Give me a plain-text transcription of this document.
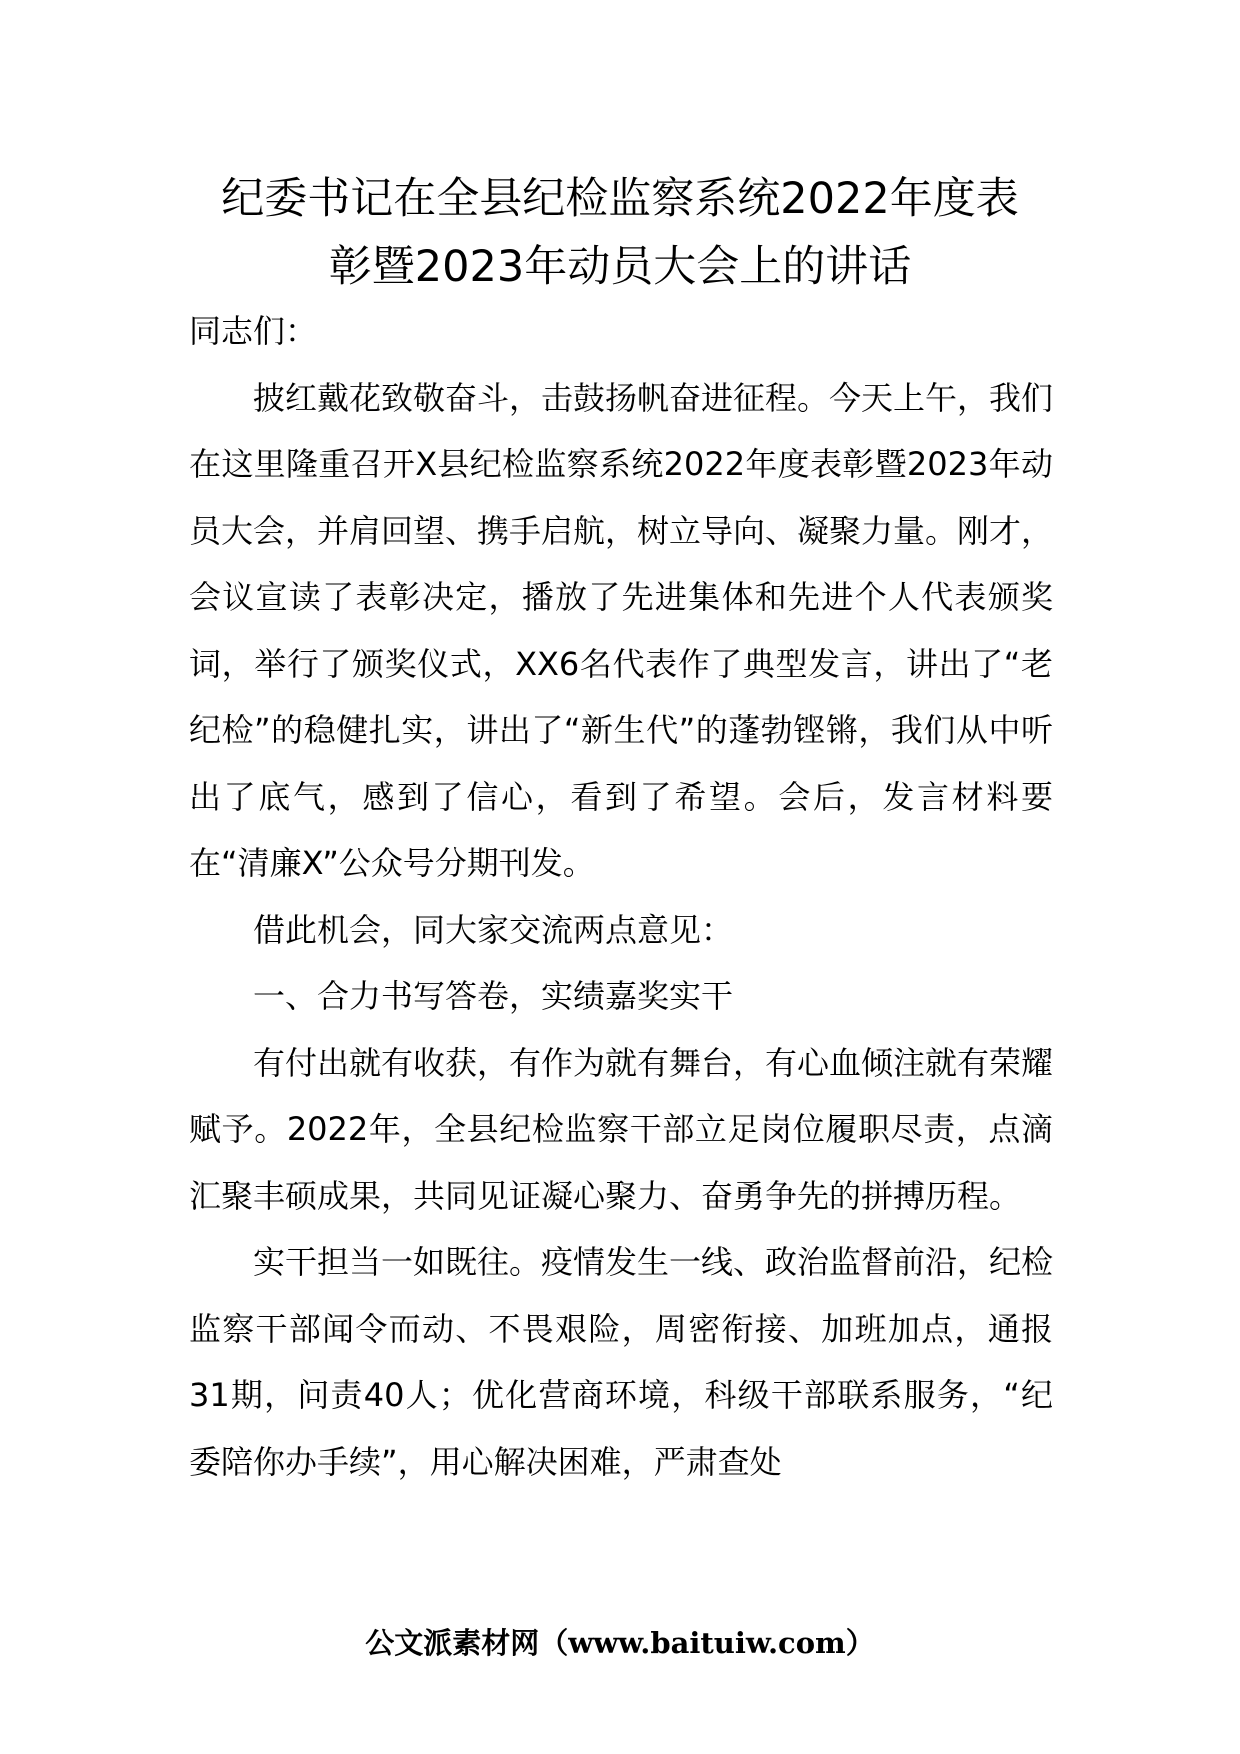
纪委书记在全县纪检监察系统2022年度表
彰暨2023年动员大会上的讲话

同志们：

披红戴花致敬奋斗，击鼓扬帆奋进征程。今天上午，我们在这里隆重召开X县纪检监察系统2022年度表彰暨2023年动员大会，并肩回望、携手启航，树立导向、凝聚力量。刚才，会议宣读了表彰决定，播放了先进集体和先进个人代表颁奖词，举行了颁奖仪式，XX6名代表作了典型发言，讲出了“老纪检”的稳健扎实，讲出了“新生代”的蓬勃铿锵，我们从中听出了底气，感到了信心，看到了希望。会后，发言材料要在“清廉X”公众号分期刊发。

借此机会，同大家交流两点意见：

一、合力书写答卷，实绩嘉奖实干

有付出就有收获，有作为就有舞台，有心血倾注就有荣耀赋予。2022年，全县纪检监察干部立足岗位履职尽责，点滴汇聚丰硕成果，共同见证凝心聚力、奋勇争先的拼搏历程。

实干担当一如既往。疫情发生一线、政治监督前沿，纪检监察干部闻令而动、不畏艰险，周密衔接、加班加点，通报31期，问责40人；优化营商环境，科级干部联系服务，“纪委陪你办手续”，用心解决困难，严肃查处

公文派素材网（www.baituiw.com）
